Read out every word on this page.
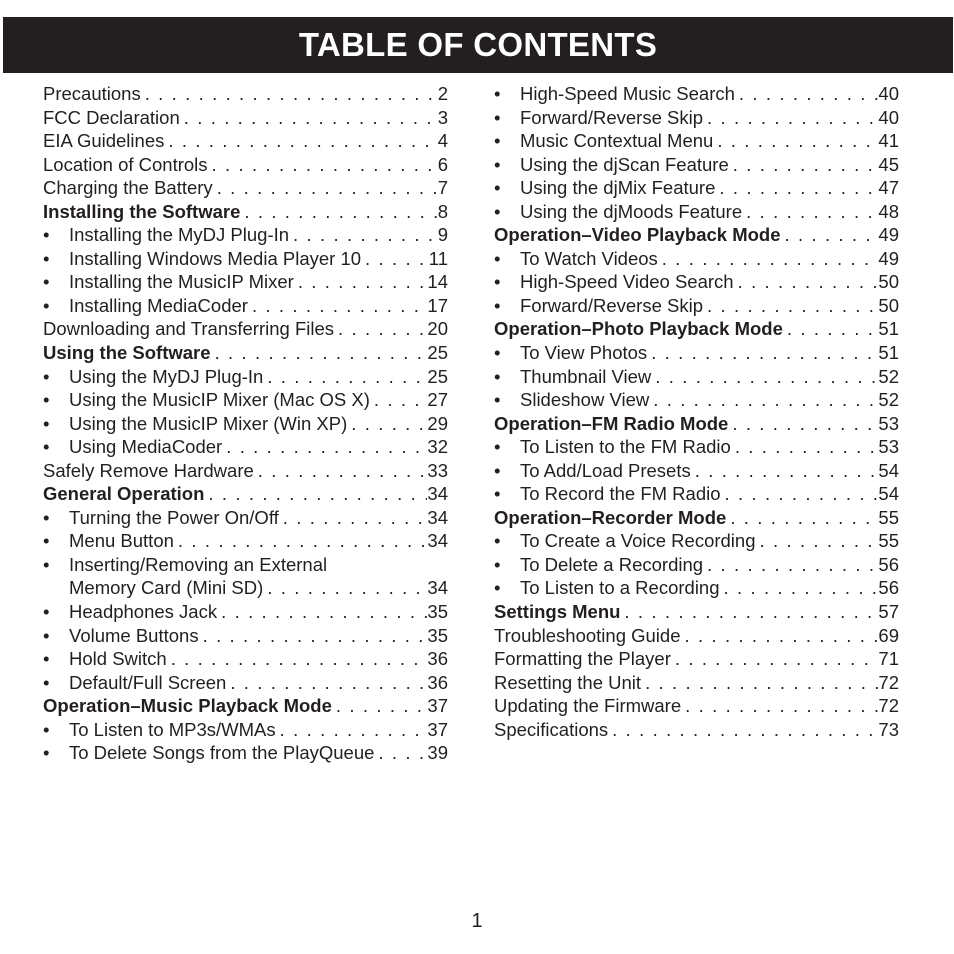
TABLE OF CONTENTS
Precautions . . .	2
FCC Declaration . . .	3
EIA Guidelines . . .	4
Location of Controls . . .	6
Charging the Battery . . .	7
Installing the Software . . .	8
•	Installing the MyDJ Plug-In . . .	9
•	Installing Windows Media Player 10 . . .	11
•	Installing the MusicIP Mixer . . .	14
•	Installing MediaCoder . . .	17
Downloading and Transferring Files . . .	20
Using the Software . . .	25
•	Using the MyDJ Plug-In . . .	25
•	Using the MusicIP Mixer (Mac OS X) . . .	27
•	Using the MusicIP Mixer (Win XP) . . .	29
•	Using MediaCoder . . .	32
Safely Remove Hardware . . .	33
General Operation . . .	34
•	Turning the Power On/Off . . .	34
•	Menu Button . . .	34
•	Inserting/Removing an External
Memory Card (Mini SD) . . .	34
•	Headphones Jack . . .	35
•	Volume Buttons . . .	35
•	Hold Switch . . .	36
•	Default/Full Screen . . .	36
Operation–Music Playback Mode . . .	37
•	To Listen to MP3s/WMAs . . .	37
•	To Delete Songs from the PlayQueue . . .	39
•	High-Speed Music Search . . .	40
•	Forward/Reverse Skip . . .	40
•	Music Contextual Menu . . .	41
•	Using the djScan Feature . . .	45
•	Using the djMix Feature . . .	47
•	Using the djMoods Feature . . .	48
Operation–Video Playback Mode . . .	49
•	To Watch Videos . . .	49
•	High-Speed Video Search . . .	50
•	Forward/Reverse Skip . . .	50
Operation–Photo Playback Mode . . .	51
•	To View Photos . . .	51
•	Thumbnail View . . .	52
•	Slideshow View . . .	52
Operation–FM Radio Mode . . .	53
•	To Listen to the FM Radio . . .	53
•	To Add/Load Presets . . .	54
•	To Record the FM Radio . . .	54
Operation–Recorder Mode . . .	55
•	To Create a Voice Recording . . .	55
•	To Delete a Recording . . .	56
•	To Listen to a Recording . . .	56
Settings Menu . . .	57
Troubleshooting Guide . . .	69
Formatting the Player . . .	71
Resetting the Unit . . .	72
Updating the Firmware . . .	72
Specifications . . .	73
1
